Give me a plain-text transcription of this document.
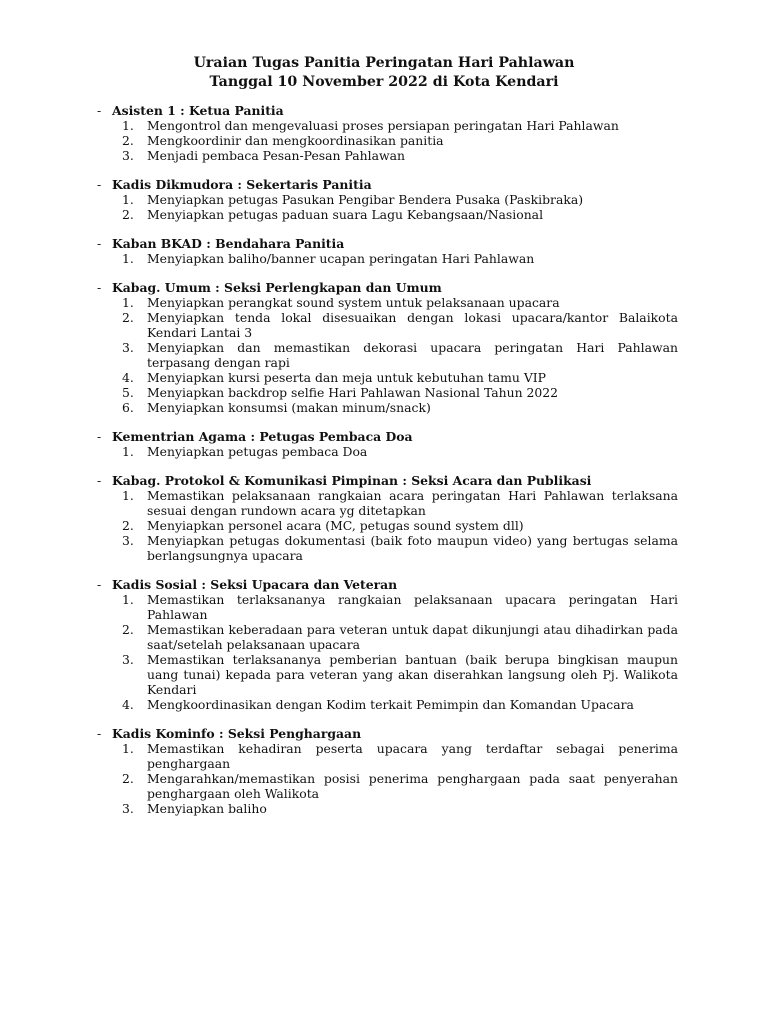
Uraian Tugas Panitia Peringatan Hari Pahlawan
Tanggal 10 November 2022 di Kota Kendari
- Asisten 1 : Ketua Panitia
1. Mengontrol dan mengevaluasi proses persiapan peringatan Hari Pahlawan
2. Mengkoordinir dan mengkoordinasikan panitia
3. Menjadi pembaca Pesan-Pesan Pahlawan
- Kadis Dikmudora : Sekertaris Panitia
1. Menyiapkan petugas Pasukan Pengibar Bendera Pusaka (Paskibraka)
2. Menyiapkan petugas paduan suara Lagu Kebangsaan/Nasional
- Kaban BKAD : Bendahara Panitia
1. Menyiapkan baliho/banner ucapan peringatan Hari Pahlawan
- Kabag. Umum : Seksi Perlengkapan dan Umum
1. Menyiapkan perangkat sound system untuk pelaksanaan upacara
2. Menyiapkan tenda lokal disesuaikan dengan lokasi upacara/kantor Balaikota Kendari Lantai 3
3. Menyiapkan dan memastikan dekorasi upacara peringatan Hari Pahlawan terpasang dengan rapi
4. Menyiapkan kursi peserta dan meja untuk kebutuhan tamu VIP
5. Menyiapkan backdrop selfie Hari Pahlawan Nasional Tahun 2022
6. Menyiapkan konsumsi (makan minum/snack)
- Kementrian Agama : Petugas Pembaca Doa
1. Menyiapkan petugas pembaca Doa
- Kabag. Protokol & Komunikasi Pimpinan : Seksi Acara dan Publikasi
1. Memastikan pelaksanaan rangkaian acara peringatan Hari Pahlawan terlaksana sesuai dengan rundown acara yg ditetapkan
2. Menyiapkan personel acara (MC, petugas sound system dll)
3. Menyiapkan petugas dokumentasi (baik foto maupun video) yang bertugas selama berlangsungnya upacara
- Kadis Sosial : Seksi Upacara dan Veteran
1. Memastikan terlaksananya rangkaian pelaksanaan upacara peringatan Hari Pahlawan
2. Memastikan keberadaan para veteran untuk dapat dikunjungi atau dihadirkan pada saat/setelah pelaksanaan upacara
3. Memastikan terlaksananya pemberian bantuan (baik berupa bingkisan maupun uang tunai) kepada para veteran yang akan diserahkan langsung oleh Pj. Walikota Kendari
4. Mengkoordinasikan dengan Kodim terkait Pemimpin dan Komandan Upacara
- Kadis Kominfo : Seksi Penghargaan
1. Memastikan kehadiran peserta upacara yang terdaftar sebagai penerima penghargaan
2. Mengarahkan/memastikan posisi penerima penghargaan pada saat penyerahan penghargaan oleh Walikota
3. Menyiapkan baliho
